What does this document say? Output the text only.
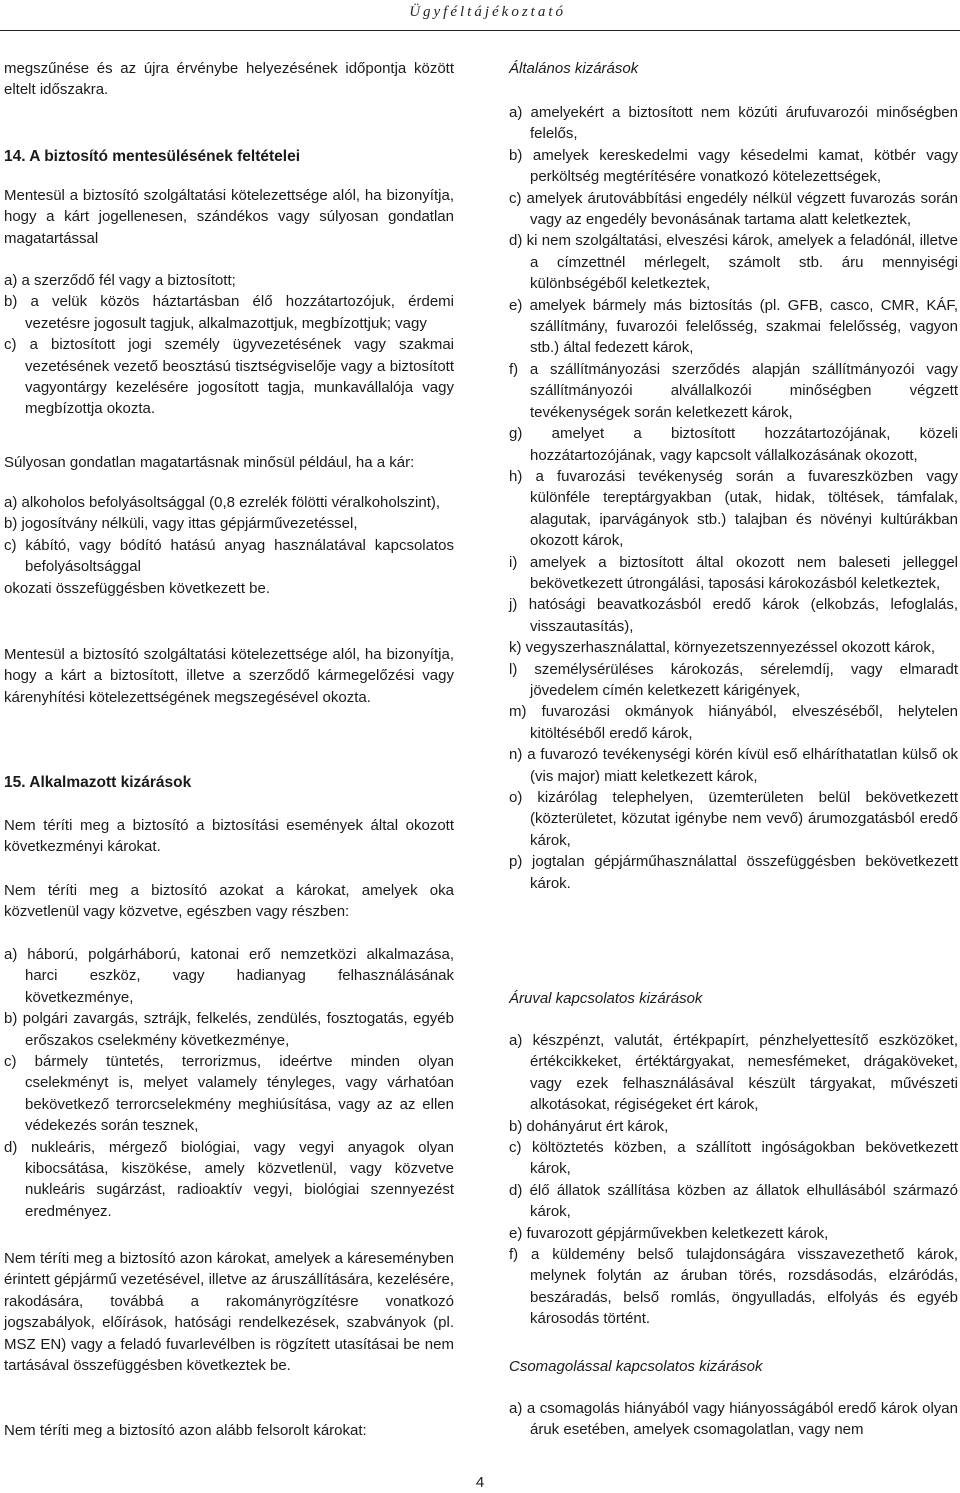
Ügyféltájékoztató

megszűnése és az újra érvénybe helyezésének időpontja között eltelt időszakra.

14. A biztosító mentesülésének feltételei

Mentesül a biztosító szolgáltatási kötelezettsége alól, ha bizonyítja, hogy a kárt jogellenesen, szándékos vagy súlyosan gondatlan magatartással

a) a szerződő fél vagy a biztosított;
b) a velük közös háztartásban élő hozzátartozójuk, érdemi vezetésre jogosult tagjuk, alkalmazottjuk, megbízottjuk; vagy
c) a biztosított jogi személy ügyvezetésének vagy szakmai vezetésének vezető beosztású tisztségviselője vagy a biztosított vagyontárgy kezelésére jogosított tagja, munkavállalója vagy megbízottja okozta.

Súlyosan gondatlan magatartásnak minősül például, ha a kár:

a) alkoholos befolyásoltsággal (0,8 ezrelék fölötti véralkoholszint),
b) jogosítvány nélküli, vagy ittas gépjárművezetéssel,
c) kábító, vagy bódító hatású anyag használatával kapcsolatos befolyásoltsággal

okozati összefüggésben következett be.

Mentesül a biztosító szolgáltatási kötelezettsége alól, ha bizonyítja, hogy a kárt a biztosított, illetve a szerződő kármegelőzési vagy kárenyhítési kötelezettségének megszegésével okozta.

15. Alkalmazott kizárások

Nem téríti meg a biztosító a biztosítási események által okozott következményi károkat.

Nem téríti meg a biztosító azokat a károkat, amelyek oka közvetlenül vagy közvetve, egészben vagy részben:

a) háború, polgárháború, katonai erő nemzetközi alkalmazása, harci eszköz, vagy hadianyag felhasználásának következménye,
b) polgári zavargás, sztrájk, felkelés, zendülés, fosztogatás, egyéb erőszakos cselekmény következménye,
c) bármely tüntetés, terrorizmus, ideértve minden olyan cselekményt is, melyet valamely tényleges, vagy várhatóan bekövetkező terrorcselekmény meghiúsítása, vagy az az ellen védekezés során tesznek,
d) nukleáris, mérgező biológiai, vagy vegyi anyagok olyan kibocsátása, kiszökése, amely közvetlenül, vagy közvetve nukleáris sugárzást, radioaktív vegyi, biológiai szennyezést eredményez.

Nem téríti meg a biztosító azon károkat, amelyek a káreseményben érintett gépjármű vezetésével, illetve az áruszállítására, kezelésére, rakodására, továbbá a rakományrögzítésre vonatkozó jogszabályok, előírások, hatósági rendelkezések, szabványok (pl. MSZ EN) vagy a feladó fuvarlevélben is rögzített utasításai be nem tartásával összefüggésben következtek be.

Nem téríti meg a biztosító azon alább felsorolt károkat:

Általános kizárások

a) amelyekért a biztosított nem közúti árufuvarozói minőségben felelős,
b) amelyek kereskedelmi vagy késedelmi kamat, kötbér vagy perköltség megtérítésére vonatkozó kötelezettségek,
c) amelyek árutovábbítási engedély nélkül végzett fuvarozás során vagy az engedély bevonásának tartama alatt keletkeztek,
d) ki nem szolgáltatási, elveszési károk, amelyek a feladónál, illetve a címzettnél mérlegelt, számolt stb. áru mennyiségi különbségéből keletkeztek,
e) amelyek bármely más biztosítás (pl. GFB, casco, CMR, KÁF, szállítmány, fuvarozói felelősség, szakmai felelősség, vagyon stb.) által fedezett károk,
f) a szállítmányozási szerződés alapján szállítmányozói vagy szállítmányozói alvállalkozói minőségben végzett tevékenységek során keletkezett károk,
g) amelyet a biztosított hozzátartozójának, közeli hozzátartozójának, vagy kapcsolt vállalkozásának okozott,
h) a fuvarozási tevékenység során a fuvareszközben vagy különféle tereptárgyakban (utak, hidak, töltések, támfalak, alagutak, iparvágányok stb.) talajban és növényi kultúrákban okozott károk,
i) amelyek a biztosított által okozott nem baleseti jelleggel bekövetkezett útrongálási, taposási károkozásból keletkeztek,
j) hatósági beavatkozásból eredő károk (elkobzás, lefoglalás, visszautasítás),
k) vegyszerhasználattal, környezetszennyezéssel okozott károk,
l) személysérüléses károkozás, sérelemdíj, vagy elmaradt jövedelem címén keletkezett kárigények,
m) fuvarozási okmányok hiányából, elveszéséből, helytelen kitöltéséből eredő károk,
n) a fuvarozó tevékenységi körén kívül eső elháríthatatlan külső ok (vis major) miatt keletkezett károk,
o) kizárólag telephelyen, üzemterületen belül bekövetkezett (közterületet, közutat igénybe nem vevő) árumozgatásból eredő károk,
p) jogtalan gépjárműhasználattal összefüggésben bekövetkezett károk.

Áruval kapcsolatos kizárások

a) készpénzt, valutát, értékpapírt, pénzhelyettesítő eszközöket, értékcikkeket, értéktárgyakat, nemesfémeket, drágaköveket, vagy ezek felhasználásával készült tárgyakat, művészeti alkotásokat, régiségeket ért károk,
b) dohányárut ért károk,
c) költöztetés közben, a szállított ingóságokban bekövetkezett károk,
d) élő állatok szállítása közben az állatok elhullásából származó károk,
e) fuvarozott gépjárművekben keletkezett károk,
f) a küldemény belső tulajdonságára visszavezethető károk, melynek folytán az áruban törés, rozsdásodás, elzáródás, beszáradás, belső romlás, öngyulladás, elfolyás és egyéb károsodás történt.

Csomagolással kapcsolatos kizárások

a) a csomagolás hiányából vagy hiányosságából eredő károk olyan áruk esetében, amelyek csomagolatlan, vagy nem
4
